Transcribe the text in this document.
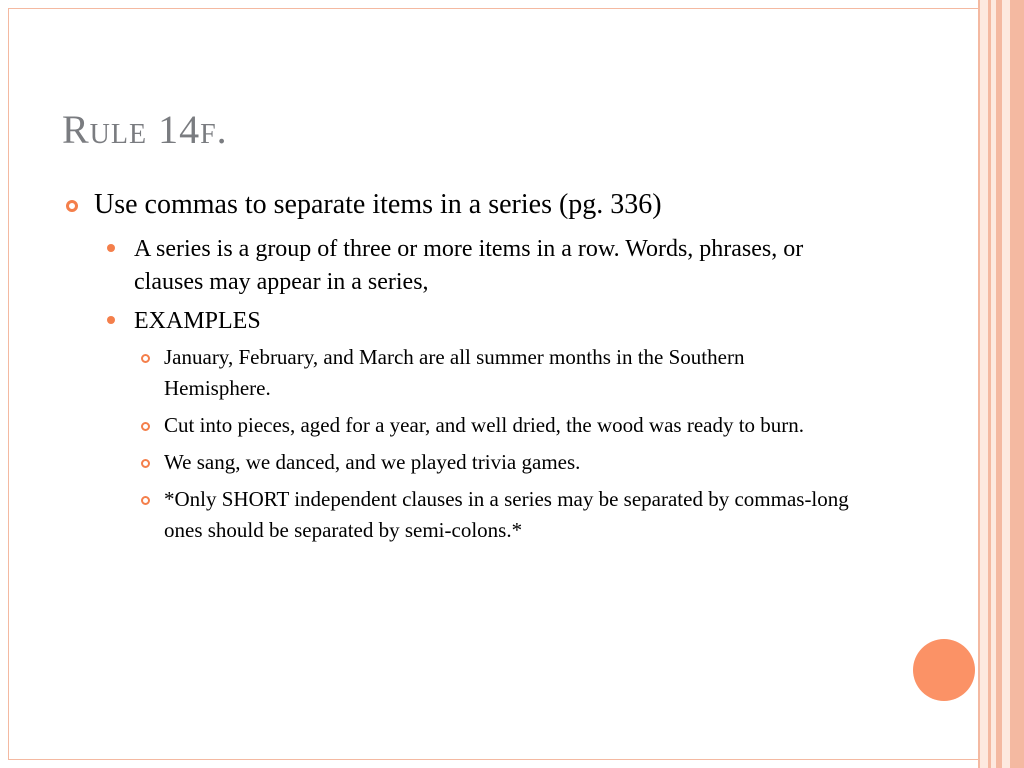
Rule 14f.
Use commas to separate items in a series (pg. 336)
A series is a group of three or more items in a row. Words, phrases, or clauses may appear in a series,
EXAMPLES
January, February, and March are all summer months in the Southern Hemisphere.
Cut into pieces, aged for a year, and well dried, the wood was ready to burn.
We sang, we danced, and we played trivia games.
*Only SHORT independent clauses in a series may be separated by commas-long ones should be separated by semi-colons.*
